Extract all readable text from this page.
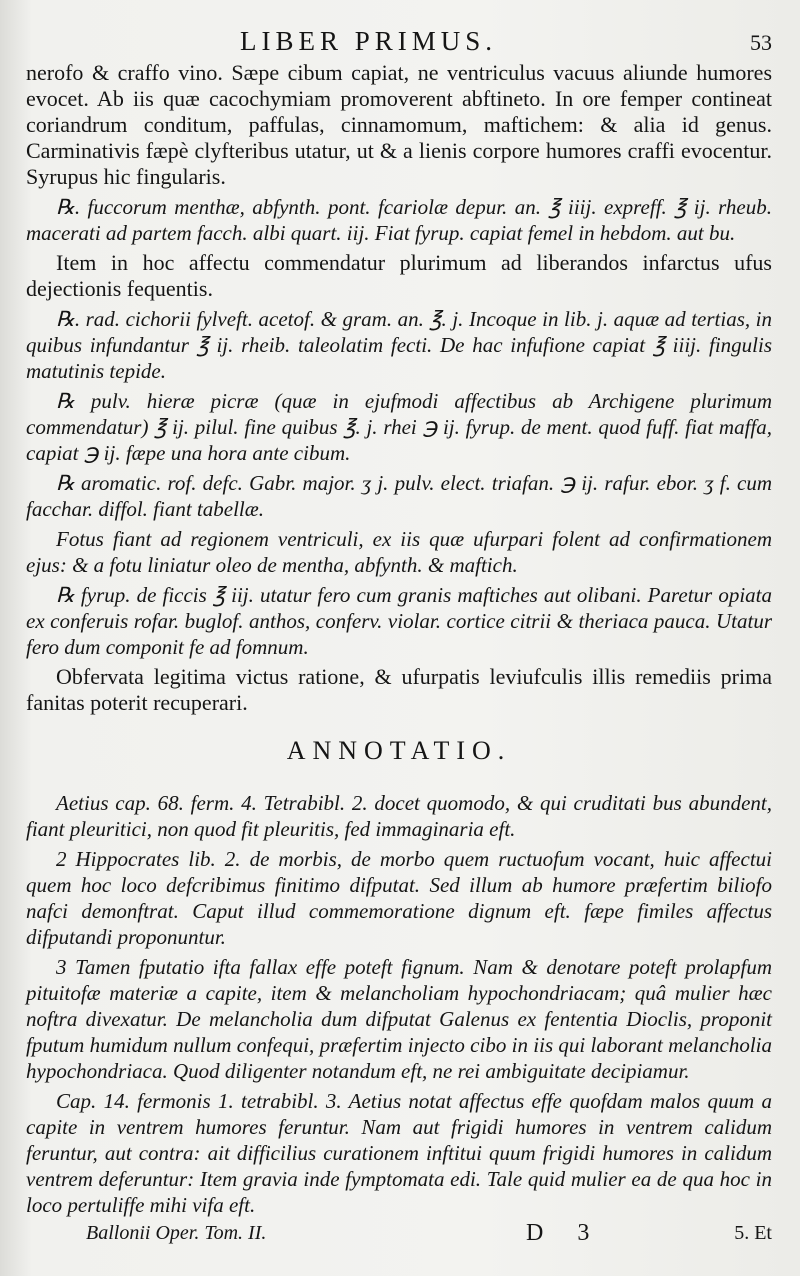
LIBER PRIMUS.	53

nerofo & craffo vino. Sæpe cibum capiat, ne ventriculus vacuus aliunde humores evocet. Ab iis quæ cacochymiam promoverent abftineto. In ore femper contineat coriandrum conditum, paffulas, cinnamomum, maftichem: & alia id genus. Carminativis fæpè clyfteribus utatur, ut & a lienis corpore humores craffi evocentur. Syrupus hic fingularis.

℞. fuccorum menthæ, abfynth. pont. fcariolæ depur. an. ℥ iiij. expreff. ℥ ij. rheub. macerati ad partem facch. albi quart. iij. Fiat fyrup. capiat femel in hebdom. aut bu.

Item in hoc affectu commendatur plurimum ad liberandos infarctus ufus dejectionis fequentis.

℞. rad. cichorii fylveft. acetof. & gram. an. ℥. j. Incoque in lib. j. aquæ ad tertias, in quibus infundantur ℥ ij. rheib. taleolatim fecti. De hac infufione capiat ℥ iiij. fingulis matutinis tepide.

℞ pulv. hieræ picræ (quæ in ejufmodi affectibus ab Archigene plurimum commendatur) ℥ ij. pilul. fine quibus ℥. j. rhei ℈ ij. fyrup. de ment. quod fuff. fiat maffa, capiat ℈ ij. fæpe una hora ante cibum.

℞ aromatic. rof. defc. Gabr. major. ʒ j. pulv. elect. triafan. ℈ ij. rafur. ebor. ʒ f. cum facchar. diffol. fiant tabellæ.

Fotus fiant ad regionem ventriculi, ex iis quæ ufurpari folent ad confirmationem ejus: & a fotu liniatur oleo de mentha, abfynth. & maftich.

℞ fyrup. de ficcis ℥ iij. utatur fero cum granis maftiches aut olibani. Paretur opiata ex conferuis rofar. buglof. anthos, conferv. violar. cortice citrii & theriaca pauca. Utatur fero dum componit fe ad fomnum.

Obfervata legitima victus ratione, & ufurpatis leviufculis illis remediis prima fanitas poterit recuperari.

ANNOTATIO.

Aetius cap. 68. ferm. 4. Tetrabibl. 2. docet quomodo, & qui cruditati bus abundent, fiant pleuritici, non quod fit pleuritis, fed immaginaria eft.

2 Hippocrates lib. 2. de morbis, de morbo quem ructuofum vocant, huic affectui quem hoc loco defcribimus finitimo difputat. Sed illum ab humore præfertim biliofo nafci demonftrat. Caput illud commemoratione dignum eft. fæpe fimiles affectus difputandi proponuntur.

3 Tamen fputatio ifta fallax effe poteft fignum. Nam & denotare poteft prolapfum pituitofæ materiæ a capite, item & melancholiam hypochondriacam; quâ mulier hæc noftra divexatur. De melancholia dum difputat Galenus ex fententia Dioclis, proponit fputum humidum nullum confequi, præfertim injecto cibo in iis qui laborant melancholia hypochondriaca. Quod diligenter notandum eft, ne rei ambiguitate decipiamur.

Cap. 14. fermonis 1. tetrabibl. 3. Aetius notat affectus effe quofdam malos quum a capite in ventrem humores feruntur. Nam aut frigidi humores in ventrem calidum feruntur, aut contra: ait difficilius curationem inftitui quum frigidi humores in calidum ventrem deferuntur: Item gravia inde fymptomata edi. Tale quid mulier ea de qua hoc in loco pertuliffe mihi vifa eft.

Ballonii Oper. Tom. II.	D 3	5. Et
